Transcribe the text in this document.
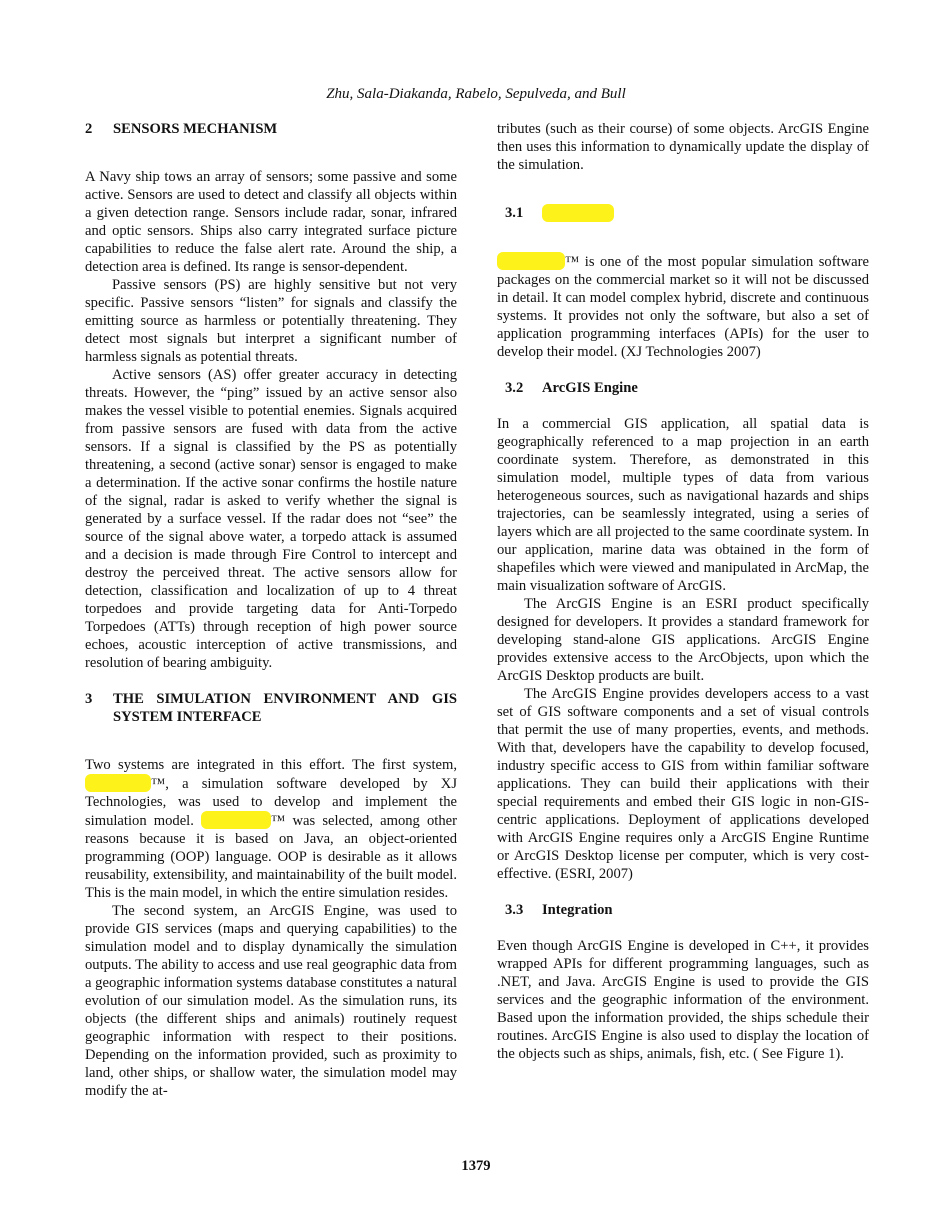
Zhu, Sala-Diakanda, Rabelo, Sepulveda, and Bull
2	SENSORS MECHANISM

A Navy ship tows an array of sensors; some passive and some active. Sensors are used to detect and classify all objects within a given detection range. Sensors include radar, sonar, infrared and optic sensors. Ships also carry integrated surface picture capabilities to reduce the false alert rate. Around the ship, a detection area is defined. Its range is sensor-dependent.

Passive sensors (PS) are highly sensitive but not very specific. Passive sensors “listen” for signals and classify the emitting source as harmless or potentially threatening. They detect most signals but interpret a significant number of harmless signals as potential threats.

Active sensors (AS) offer greater accuracy in detecting threats. However, the “ping” issued by an active sensor also makes the vessel visible to potential enemies. Signals acquired from passive sensors are fused with data from the active sensors. If a signal is classified by the PS as potentially threatening, a second (active sonar) sensor is engaged to make a determination. If the active sonar confirms the hostile nature of the signal, radar is asked to verify whether the signal is generated by a surface vessel. If the radar does not “see” the source of the signal above water, a torpedo attack is assumed and a decision is made through Fire Control to intercept and destroy the perceived threat. The active sensors allow for detection, classification and localization of up to 4 threat torpedoes and provide targeting data for Anti-Torpedo Torpedoes (ATTs) through reception of high power source echoes, acoustic interception of active transmissions, and resolution of bearing ambiguity.

3	THE SIMULATION ENVIRONMENT AND GIS SYSTEM INTERFACE

Two systems are integrated in this effort. The first system, ™, a simulation software developed by XJ Technologies, was used to develop and implement the simulation model.	™ was selected, among other reasons because it is based on Java, an object-oriented programming (OOP) language. OOP is desirable as it allows reusability, extensibility, and maintainability of the built model. This is the main model, in which the entire simulation resides.

The second system, an ArcGIS Engine, was used to provide GIS services (maps and querying capabilities) to the simulation model and to display dynamically the simulation outputs. The ability to access and use real geographic data from a geographic information systems database constitutes a natural evolution of our simulation model. As the simulation runs, its objects (the different ships and animals) routinely request geographic information with respect to their positions. Depending on the information provided, such as proximity to land, other ships, or shallow water, the simulation model may modify the at-

tributes (such as their course) of some objects. ArcGIS Engine then uses this information to dynamically update the display of the simulation.

3.1

™ is one of the most popular simulation software packages on the commercial market so it will not be discussed in detail. It can model complex hybrid, discrete and continuous systems. It provides not only the software, but also a set of application programming interfaces (APIs) for the user to develop their model. (XJ Technologies 2007)

3.2	ArcGIS Engine

In a commercial GIS application, all spatial data is geographically referenced to a map projection in an earth coordinate system. Therefore, as demonstrated in this simulation model, multiple types of data from various heterogeneous sources, such as navigational hazards and ships trajectories, can be seamlessly integrated, using a series of layers which are all projected to the same coordinate system. In our application, marine data was obtained in the form of shapefiles which were viewed and manipulated in ArcMap, the main visualization software of ArcGIS.

The ArcGIS Engine is an ESRI product specifically designed for developers. It provides a standard framework for developing stand-alone GIS applications. ArcGIS Engine provides extensive access to the ArcObjects, upon which the ArcGIS Desktop products are built.

The ArcGIS Engine provides developers access to a vast set of GIS software components and a set of visual controls that permit the use of many properties, events, and methods. With that, developers have the capability to develop focused, industry specific access to GIS from within familiar software applications. They can build their applications with their special requirements and embed their GIS logic in non-GIS-centric applications. Deployment of applications developed with ArcGIS Engine requires only a ArcGIS Engine Runtime or ArcGIS Desktop license per computer, which is very cost-effective. (ESRI, 2007)

3.3	Integration

Even though ArcGIS Engine is developed in C++, it provides wrapped APIs for different programming languages, such as .NET, and Java. ArcGIS Engine is used to provide the GIS services and the geographic information of the environment. Based upon the information provided, the ships schedule their routines. ArcGIS Engine is also used to display the location of the objects such as ships, animals, fish, etc. ( See Figure 1).

1379
